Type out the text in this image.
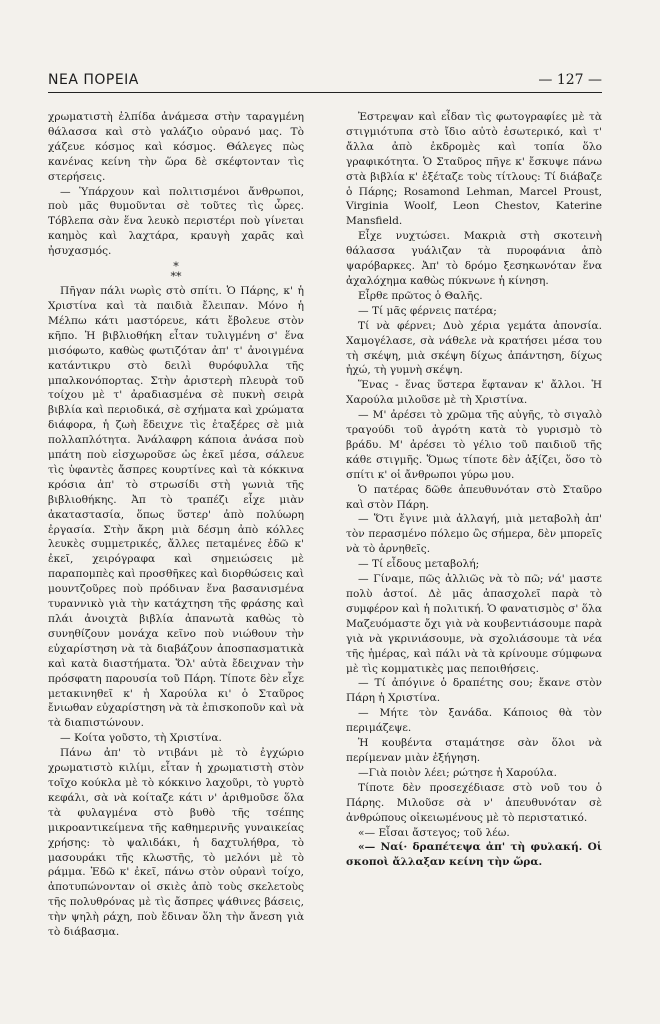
ΝΕΑ ΠΟΡΕΙΑ	— 127 —

χρωματιστὴ ἐλπίδα ἀνάμεσα στὴν ταραγμένη θάλασσα καὶ στὸ γαλάζιο οὐρανό μας. Τὸ χάζευε κόσμος καὶ κόσμος. Θάλεγες πὼς κανένας κείνη τὴν ὥρα δὲ σκέφτονταν τὶς στερήσεις.

— Ὑπάρχουν καὶ πολιτισμένοι ἄνθρωποι, ποὺ μᾶς θυμοῦνται σὲ τοῦτες τὶς ὧρες. Τόβλεπα σὰν ἕνα λευκὸ περιστέρι ποὺ γίνεται καημὸς καὶ λαχτάρα, κραυγὴ χαρᾶς καὶ ἠσυχασμός.

*
**

Πῆγαν πάλι νωρὶς στὸ σπίτι. Ὁ Πάρης, κ' ἡ Χριστίνα καὶ τὰ παιδιὰ ἔλειπαν. Μόνο ἡ Μέλπω κάτι μαστόρευε, κάτι ἔβολευε στὸν κῆπο. Ἡ βιβλιοθήκη εἶταν τυλιγμένη σ' ἕνα μισόφωτο, καθὼς φωτιζόταν ἀπ' τ' ἀνοιγμένα κατάντικρυ στὸ δειλὶ θυρόφυλλα τῆς μπαλκονόπορτας. Στὴν ἀριστερὴ πλευρὰ τοῦ τοίχου μὲ τ' ἀραδιασμένα σὲ πυκνὴ σειρὰ βιβλία καὶ περιοδικά, σὲ σχήματα καὶ χρώματα διάφορα, ἡ ζωὴ ἔδειχνε τὶς ἐταξέρες σὲ μιὰ πολλαπλότητα. Ἀνάλαφρη κάποια ἀνάσα ποὺ μπάτη ποὺ εἰσχωροῦσε ὡς ἐκεῖ μέσα, σάλευε τὶς ὑφαντὲς ἄσπρες κουρτίνες καὶ τὰ κόκκινα κρόσια ἀπ' τὸ στρωσίδι στὴ γωνιὰ τῆς βιβλιοθήκης. Ἀπ τὸ τραπέζι εἶχε μιὰν ἀκαταστασία, ὅπως ὕστερ' ἀπὸ πολύωρη ἐργασία. Στὴν ἄκρη μιὰ δέσμη ἀπὸ κόλλες λευκὲς συμμετρικές, ἄλλες πεταμένες ἐδῶ κ' ἐκεῖ, χειρόγραφα καὶ σημειώσεις μὲ παραπομπὲς καὶ προσθῆκες καὶ διορθώσεις καὶ μουντζοῦρες ποὺ πρόδιναν ἕνα βασανισμένα τυραννικὸ γιὰ τὴν κατάχτηση τῆς φράσης καὶ πλάι ἀνοιχτὰ βιβλία ἀπανωτὰ καθὼς τὸ συνηθίζουν μονάχα κεῖνο ποὺ νιώθουν τὴν εὐχαρίστηση νὰ τὰ διαβάζουν ἀποσπασματικὰ καὶ κατὰ διαστήματα. Ὅλ' αὐτὰ ἔδειχναν τὴν πρόσφατη παρουσία τοῦ Πάρη. Τίποτε δὲν εἶχε μετακινηθεῖ κ' ἡ Χαρούλα κι' ὁ Σταῦρος ἔνιωθαν εὐχαρίστηση νὰ τὰ ἐπισκοποῦν καὶ νὰ τὰ διαπιστώνουν.

— Κοίτα γοῦστο, τὴ Χριστίνα.

Πάνω ἀπ' τὸ ντιβάνι μὲ τὸ ἐγχώριο χρωματιστὸ κιλίμι, εἶταν ἡ χρωματιστὴ στὸν τοῖχο κούκλα μὲ τὸ κόκκινο λαχοῦρι, τὸ γυρτὸ κεφάλι, σὰ νὰ κοίταζε κάτι ν' ἀριθμοῦσε ὅλα τὰ φυλαγμένα στὸ βυθὸ τῆς τσέπης μικροαντικείμενα τῆς καθημερινῆς γυναικείας χρήσης: τὸ ψαλιδάκι, ἡ δαχτυλήθρα, τὸ μασουράκι τῆς κλωστῆς, τὸ μελόνι μὲ τὸ ράμμα. Ἐδῶ κ' ἐκεῖ, πάνω στὸν οὐρανὶ τοίχο, ἀποτυπώνονταν οἱ σκιὲς ἀπὸ τοὺς σκελετοὺς τῆς πολυθρόνας μὲ τὶς ἄσπρες ψάθινες βάσεις, τὴν ψηλὴ ράχη, ποὺ ἔδιναν ὅλη τὴν ἄνεση γιὰ τὸ διάβασμα.

Ἐστρεψαν καὶ εἶδαν τὶς φωτογραφίες μὲ τὰ στιγμιότυπα στὸ ἴδιο αὐτὸ ἐσωτερικό, καὶ τ' ἄλλα ἀπὸ ἐκδρομὲς καὶ τοπία ὅλο γραφικότητα. Ὁ Σταῦρος πῆγε κ' ἔσκυψε πάνω στὰ βιβλία κ' ἐξέταζε τοὺς τίτλους: Τί διάβαζε ὁ Πάρης; Rosamond Lehman, Marcel Proust, Virginia Woolf, Leon Chestov, Katerine Mansfield.

Εἶχε νυχτώσει. Μακριὰ στὴ σκοτεινὴ θάλασσα γυάλιζαν τὰ πυροφάνια ἀπὸ ψαρόβαρκες. Ἀπ' τὸ δρόμο ξεσηκωνόταν ἕνα ἀχαλόχημα καθὼς πύκνωνε ἡ κίνηση.

Εἶρθε πρῶτος ὁ Θαλῆς.

— Τί μᾶς φέρνεις πατέρα;

Τί νὰ φέρνει; Δυὸ χέρια γεμάτα ἀπονσία. Χαμογέλασε, σὰ νάθελε νὰ κρατήσει μέσα του τὴ σκέψη, μιὰ σκέψη δίχως ἀπάντηση, δίχως ἠχώ, τὴ γυμνὴ σκέψη.

Ἕνας - ἕνας ὕστερα ἔφταναν κ' ἄλλοι. Ἡ Χαρούλα μιλοῦσε μὲ τὴ Χριστίνα.

— Μ' ἀρέσει τὸ χρῶμα τῆς αὐγῆς, τὸ σιγαλὸ τραγούδι τοῦ ἀγρότη κατὰ τὸ γυρισμὸ τὸ βράδυ. Μ' ἀρέσει τὸ γέλιο τοῦ παιδιοῦ τῆς κάθε στιγμῆς. Ὅμως τίποτε δὲν ἀξίζει, ὅσο τὸ σπίτι κ' οἱ ἄνθρωποι γύρω μου.

Ὁ πατέρας δῶθε ἀπευθυνόταν στὸ Σταῦρο καὶ στὸν Πάρη.

— Ὅτι ἔγινε μιὰ ἀλλαγή, μιὰ μεταβολὴ ἀπ' τὸν περασμένο πόλεμο ὣς σήμερα, δὲν μπορεῖς νὰ τὸ ἀρνηθεῖς.

— Τί εἶδους μεταβολή;

— Γίναμε, πῶς ἀλλιῶς νὰ τὸ πῶ; νά' μαστε πολὺ ἀστοί. Δὲ μᾶς ἀπασχολεῖ παρὰ τὸ συμφέρον καὶ ἡ πολιτική. Ὁ φανατισμὸς σ' ὅλα Μαζευόμαστε ὄχι γιὰ νὰ κουβεντιάσουμε παρὰ γιὰ νὰ γκρινιάσουμε, νὰ σχολιάσουμε τὰ νέα τῆς ἡμέρας, καὶ πάλι νὰ τὰ κρίνουμε σύμφωνα μὲ τὶς κομματικὲς μας πεποιθήσεις.

— Τί ἀπόγινε ὁ δραπέτης σου; ἔκανε στὸν Πάρη ἡ Χριστίνα.

— Μήτε τὸν ξανάδα. Κάποιος θὰ τὸν περιμάζεψε.

Ἡ κουβέντα σταμάτησε σὰν ὅλοι νὰ περίμεναν μιὰν ἐξήγηση.

—Γιὰ ποιὸν λέει; ρώτησε ἡ Χαρούλα.

Τίποτε δὲν προσεχέδιασε στὸ νοῦ του ὁ Πάρης. Μιλοῦσε σὰ ν' ἀπευθυνόταν σὲ ἀνθρώπους οἰκειωμένους μὲ τὸ περιστατικό.

«— Εἶσαι ἄστεγος; τοῦ λέω.

«— Ναί· δραπέτεψα ἀπ' τὴ φυλακή. Οἱ σκοποὶ ἄλλαξαν κείνη τὴν ὥρα.
